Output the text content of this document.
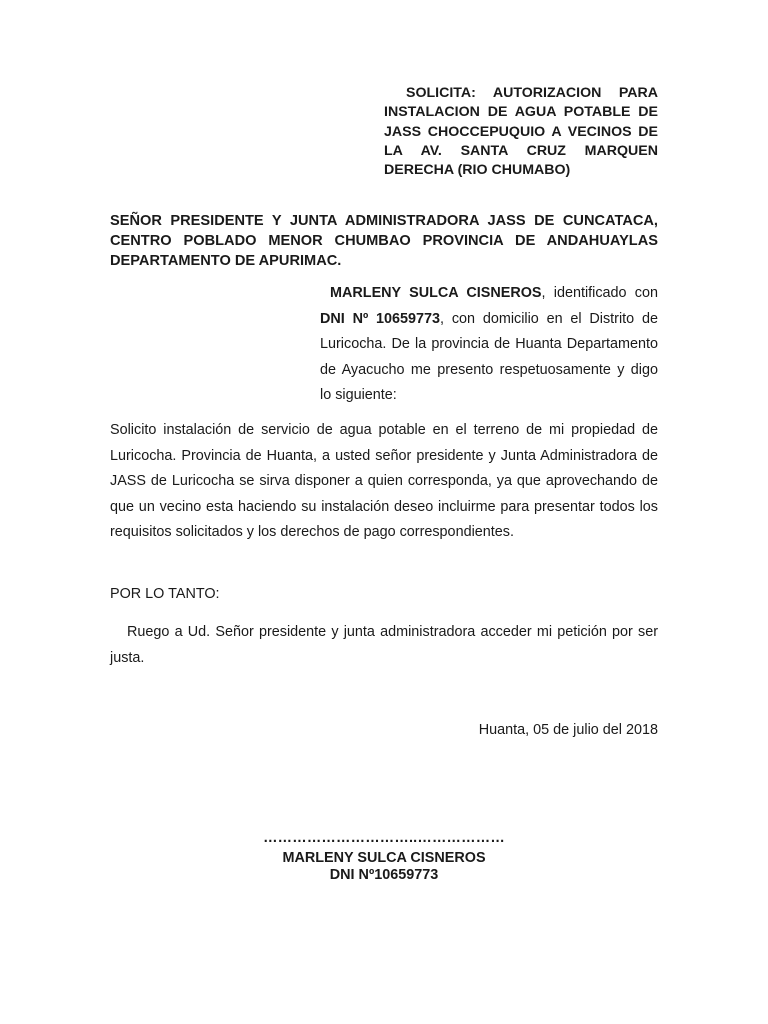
SOLICITA: AUTORIZACION PARA INSTALACION DE AGUA POTABLE DE JASS CHOCCEPUQUIO A VECINOS DE LA AV. SANTA CRUZ MARQUEN DERECHA (RIO CHUMABO)
SEÑOR PRESIDENTE Y JUNTA ADMINISTRADORA JASS DE CUNCATACA, CENTRO POBLADO MENOR CHUMBAO PROVINCIA DE ANDAHUAYLAS DEPARTAMENTO DE APURIMAC.
MARLENY SULCA CISNEROS, identificado con DNI Nº 10659773, con domicilio en el Distrito de Luricocha. De la provincia de Huanta Departamento de Ayacucho me presento respetuosamente y digo lo siguiente:
Solicito instalación de servicio de agua potable en el terreno de mi propiedad de Luricocha. Provincia de Huanta, a usted señor presidente y Junta Administradora de JASS de Luricocha se sirva disponer a quien corresponda, ya que aprovechando de que un vecino esta haciendo su instalación deseo incluirme para presentar todos los requisitos solicitados y los derechos de pago correspondientes.
POR LO TANTO:
Ruego a Ud. Señor presidente y junta administradora acceder mi petición por ser justa.
Huanta, 05 de julio del 2018
…………………………..………………
MARLENY SULCA CISNEROS
DNI Nº10659773
